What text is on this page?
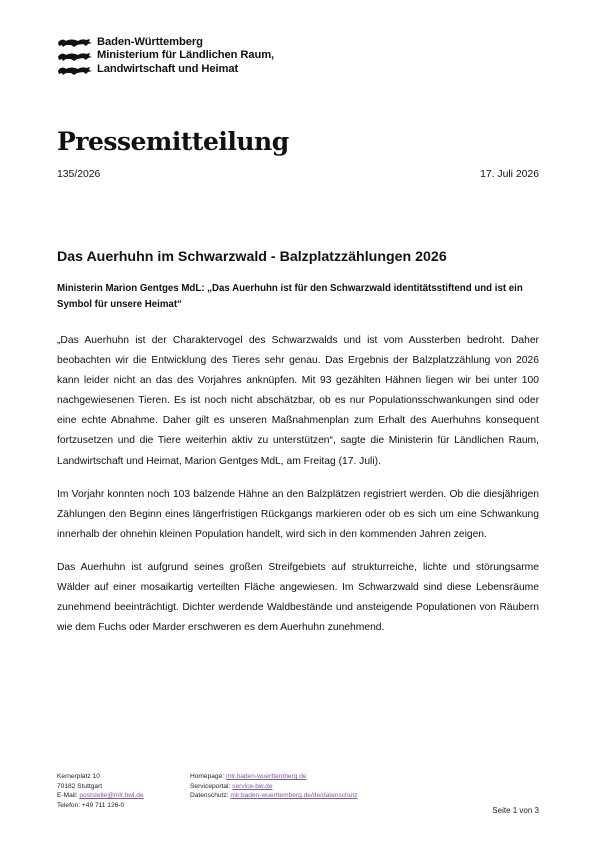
Baden-Württemberg
Ministerium für Ländlichen Raum,
Landwirtschaft und Heimat
Pressemitteilung
135/2026	17. Juli 2026
Das Auerhuhn im Schwarzwald - Balzplatzzählungen 2026
Ministerin Marion Gentges MdL: „Das Auerhuhn ist für den Schwarzwald identitätsstiftend und ist ein Symbol für unsere Heimat“

„Das Auerhuhn ist der Charaktervogel des Schwarzwalds und ist vom Aussterben bedroht. Daher beobachten wir die Entwicklung des Tieres sehr genau. Das Ergebnis der Balzplatzzählung von 2026 kann leider nicht an das des Vorjahres anknüpfen. Mit 93 gezählten Hähnen liegen wir bei unter 100 nachgewiesenen Tieren. Es ist noch nicht abschätzbar, ob es nur Populationsschwankungen sind oder eine echte Abnahme. Daher gilt es unseren Maßnahmenplan zum Erhalt des Auerhuhns konsequent fortzusetzen und die Tiere weiterhin aktiv zu unterstützen“, sagte die Ministerin für Ländlichen Raum, Landwirtschaft und Heimat, Marion Gentges MdL, am Freitag (17. Juli).

Im Vorjahr konnten noch 103 balzende Hähne an den Balzplätzen registriert werden. Ob die diesjährigen Zählungen den Beginn eines längerfristigen Rückgangs markieren oder ob es sich um eine Schwankung innerhalb der ohnehin kleinen Population handelt, wird sich in den kommenden Jahren zeigen.

Das Auerhuhn ist aufgrund seines großen Streifgebiets auf strukturreiche, lichte und störungsarme Wälder auf einer mosaikartig verteilten Fläche angewiesen. Im Schwarzwald sind diese Lebensräume zunehmend beeinträchtigt. Dichter werdende Waldbestände und ansteigende Populationen von Räubern wie dem Fuchs oder Marder erschweren es dem Auerhuhn zunehmend.

Kernerplatz 10
70182 Stuttgart
E-Mail: poststelle@mlr.bwl.de
Telefon: +49 711 126-0
Homepage: mlr.baden-wuerttemberg.de
Serviceportal: service-bw.de
Datenschutz: mlr.baden-wuerttemberg.de/de/datenschutz
Seite 1 von 3
